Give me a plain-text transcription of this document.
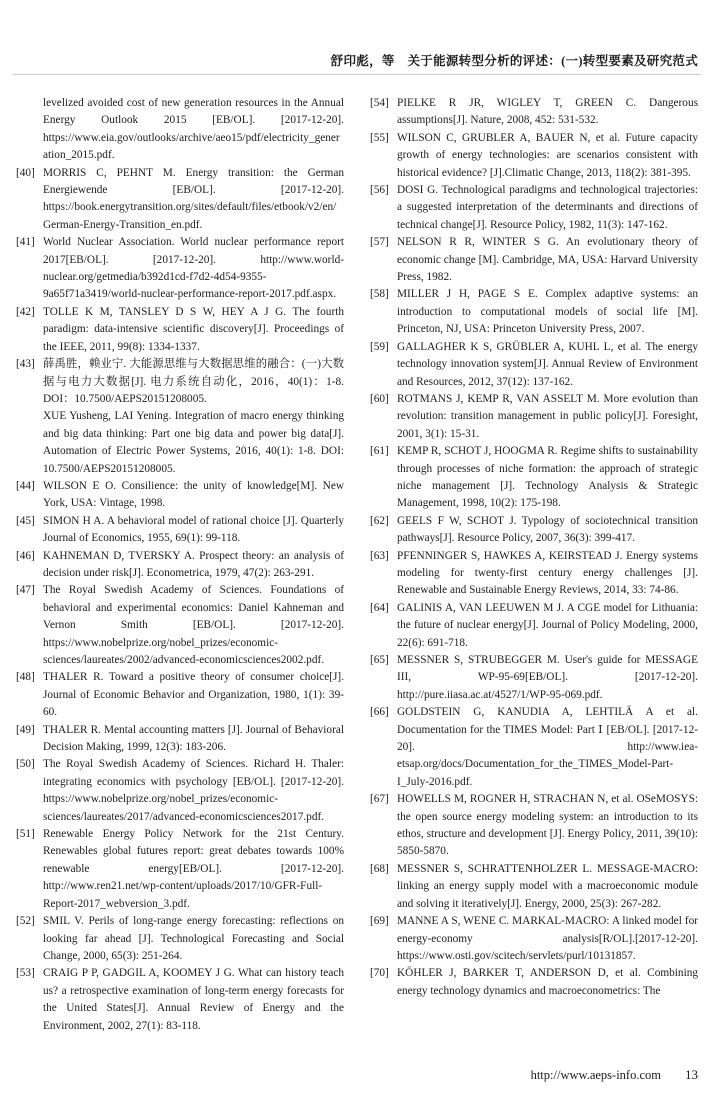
舒印彪，等　关于能源转型分析的评述：(一)转型要素及研究范式
levelized avoided cost of new generation resources in the Annual Energy Outlook 2015 [EB/OL]. [2017-12-20]. https://www.eia.gov/outlooks/archive/aeo15/pdf/electricity_generation_2015.pdf.
[40] MORRIS C, PEHNT M. Energy transition: the German Energiewende [EB/OL]. [2017-12-20]. https://book.energytransition.org/sites/default/files/etbook/v2/en/German-Energy-Transition_en.pdf.
[41] World Nuclear Association. World nuclear performance report 2017[EB/OL]. [2017-12-20]. http://www.world-nuclear.org/getmedia/b392d1cd-f7d2-4d54-9355-9a65f71a3419/world-nuclear-performance-report-2017.pdf.aspx.
[42] TOLLE K M, TANSLEY D S W, HEY A J G. The fourth paradigm: data-intensive scientific discovery[J]. Proceedings of the IEEE, 2011, 99(8): 1334-1337.
[43] 薛禹胜，赖业宁. 大能源思维与大数据思维的融合：(一)大数据与电力大数据[J]. 电力系统自动化，2016，40(1)：1-8. DOI：10.7500/AEPS20151208005.
XUE Yusheng, LAI Yening. Integration of macro energy thinking and big data thinking: Part one big data and power big data[J]. Automation of Electric Power Systems, 2016, 40(1): 1-8. DOI: 10.7500/AEPS20151208005.
[44] WILSON E O. Consilience: the unity of knowledge[M]. New York, USA: Vintage, 1998.
[45] SIMON H A. A behavioral model of rational choice [J]. Quarterly Journal of Economics, 1955, 69(1): 99-118.
[46] KAHNEMAN D, TVERSKY A. Prospect theory: an analysis of decision under risk[J]. Econometrica, 1979, 47(2): 263-291.
[47] The Royal Swedish Academy of Sciences. Foundations of behavioral and experimental economics: Daniel Kahneman and Vernon Smith [EB/OL]. [2017-12-20]. https://www.nobelprize.org/nobel_prizes/economic-sciences/laureates/2002/advanced-economicsciences2002.pdf.
[48] THALER R. Toward a positive theory of consumer choice[J]. Journal of Economic Behavior and Organization, 1980, 1(1): 39-60.
[49] THALER R. Mental accounting matters [J]. Journal of Behavioral Decision Making, 1999, 12(3): 183-206.
[50] The Royal Swedish Academy of Sciences. Richard H. Thaler: integrating economics with psychology [EB/OL]. [2017-12-20]. https://www.nobelprize.org/nobel_prizes/economic-sciences/laureates/2017/advanced-economicsciences2017.pdf.
[51] Renewable Energy Policy Network for the 21st Century. Renewables global futures report: great debates towards 100% renewable energy[EB/OL]. [2017-12-20]. http://www.ren21.net/wp-content/uploads/2017/10/GFR-Full-Report-2017_webversion_3.pdf.
[52] SMIL V. Perils of long-range energy forecasting: reflections on looking far ahead [J]. Technological Forecasting and Social Change, 2000, 65(3): 251-264.
[53] CRAIG P P, GADGIL A, KOOMEY J G. What can history teach us? a retrospective examination of long-term energy forecasts for the United States[J]. Annual Review of Energy and the Environment, 2002, 27(1): 83-118.
[54] PIELKE R JR, WIGLEY T, GREEN C. Dangerous assumptions[J]. Nature, 2008, 452: 531-532.
[55] WILSON C, GRUBLER A, BAUER N, et al. Future capacity growth of energy technologies: are scenarios consistent with historical evidence? [J].Climatic Change, 2013, 118(2): 381-395.
[56] DOSI G. Technological paradigms and technological trajectories: a suggested interpretation of the determinants and directions of technical change[J]. Resource Policy, 1982, 11(3): 147-162.
[57] NELSON R R, WINTER S G. An evolutionary theory of economic change [M]. Cambridge, MA, USA: Harvard University Press, 1982.
[58] MILLER J H, PAGE S E. Complex adaptive systems: an introduction to computational models of social life [M]. Princeton, NJ, USA: Princeton University Press, 2007.
[59] GALLAGHER K S, GRÜBLER A, KUHL L, et al. The energy technology innovation system[J]. Annual Review of Environment and Resources, 2012, 37(12): 137-162.
[60] ROTMANS J, KEMP R, VAN ASSELT M. More evolution than revolution: transition management in public policy[J]. Foresight, 2001, 3(1): 15-31.
[61] KEMP R, SCHOT J, HOOGMA R. Regime shifts to sustainability through processes of niche formation: the approach of strategic niche management [J]. Technology Analysis & Strategic Management, 1998, 10(2): 175-198.
[62] GEELS F W, SCHOT J. Typology of sociotechnical transition pathways[J]. Resource Policy, 2007, 36(3): 399-417.
[63] PFENNINGER S, HAWKES A, KEIRSTEAD J. Energy systems modeling for twenty-first century energy challenges [J]. Renewable and Sustainable Energy Reviews, 2014, 33: 74-86.
[64] GALINIS A, VAN LEEUWEN M J. A CGE model for Lithuania: the future of nuclear energy[J]. Journal of Policy Modeling, 2000, 22(6): 691-718.
[65] MESSNER S, STRUBEGGER M. User's guide for MESSAGE III, WP-95-69[EB/OL]. [2017-12-20]. http://pure.iiasa.ac.at/4527/1/WP-95-069.pdf.
[66] GOLDSTEIN G, KANUDIA A, LEHTILÄ A et al. Documentation for the TIMES Model: Part Ⅰ [EB/OL]. [2017-12-20]. http://www.iea-etsap.org/docs/Documentation_for_the_TIMES_Model-Part-I_July-2016.pdf.
[67] HOWELLS M, ROGNER H, STRACHAN N, et al. OSeMOSYS: the open source energy modeling system: an introduction to its ethos, structure and development [J]. Energy Policy, 2011, 39(10): 5850-5870.
[68] MESSNER S, SCHRATTENHOLZER L. MESSAGE-MACRO: linking an energy supply model with a macroeconomic module and solving it iteratively[J]. Energy, 2000, 25(3): 267-282.
[69] MANNE A S, WENE C. MARKAL-MACRO: A linked model for energy-economy analysis[R/OL].[2017-12-20]. https://www.osti.gov/scitech/servlets/purl/10131857.
[70] KÖHLER J, BARKER T, ANDERSON D, et al. Combining energy technology dynamics and macroeconometrics: The
http://www.aeps-info.com 13
